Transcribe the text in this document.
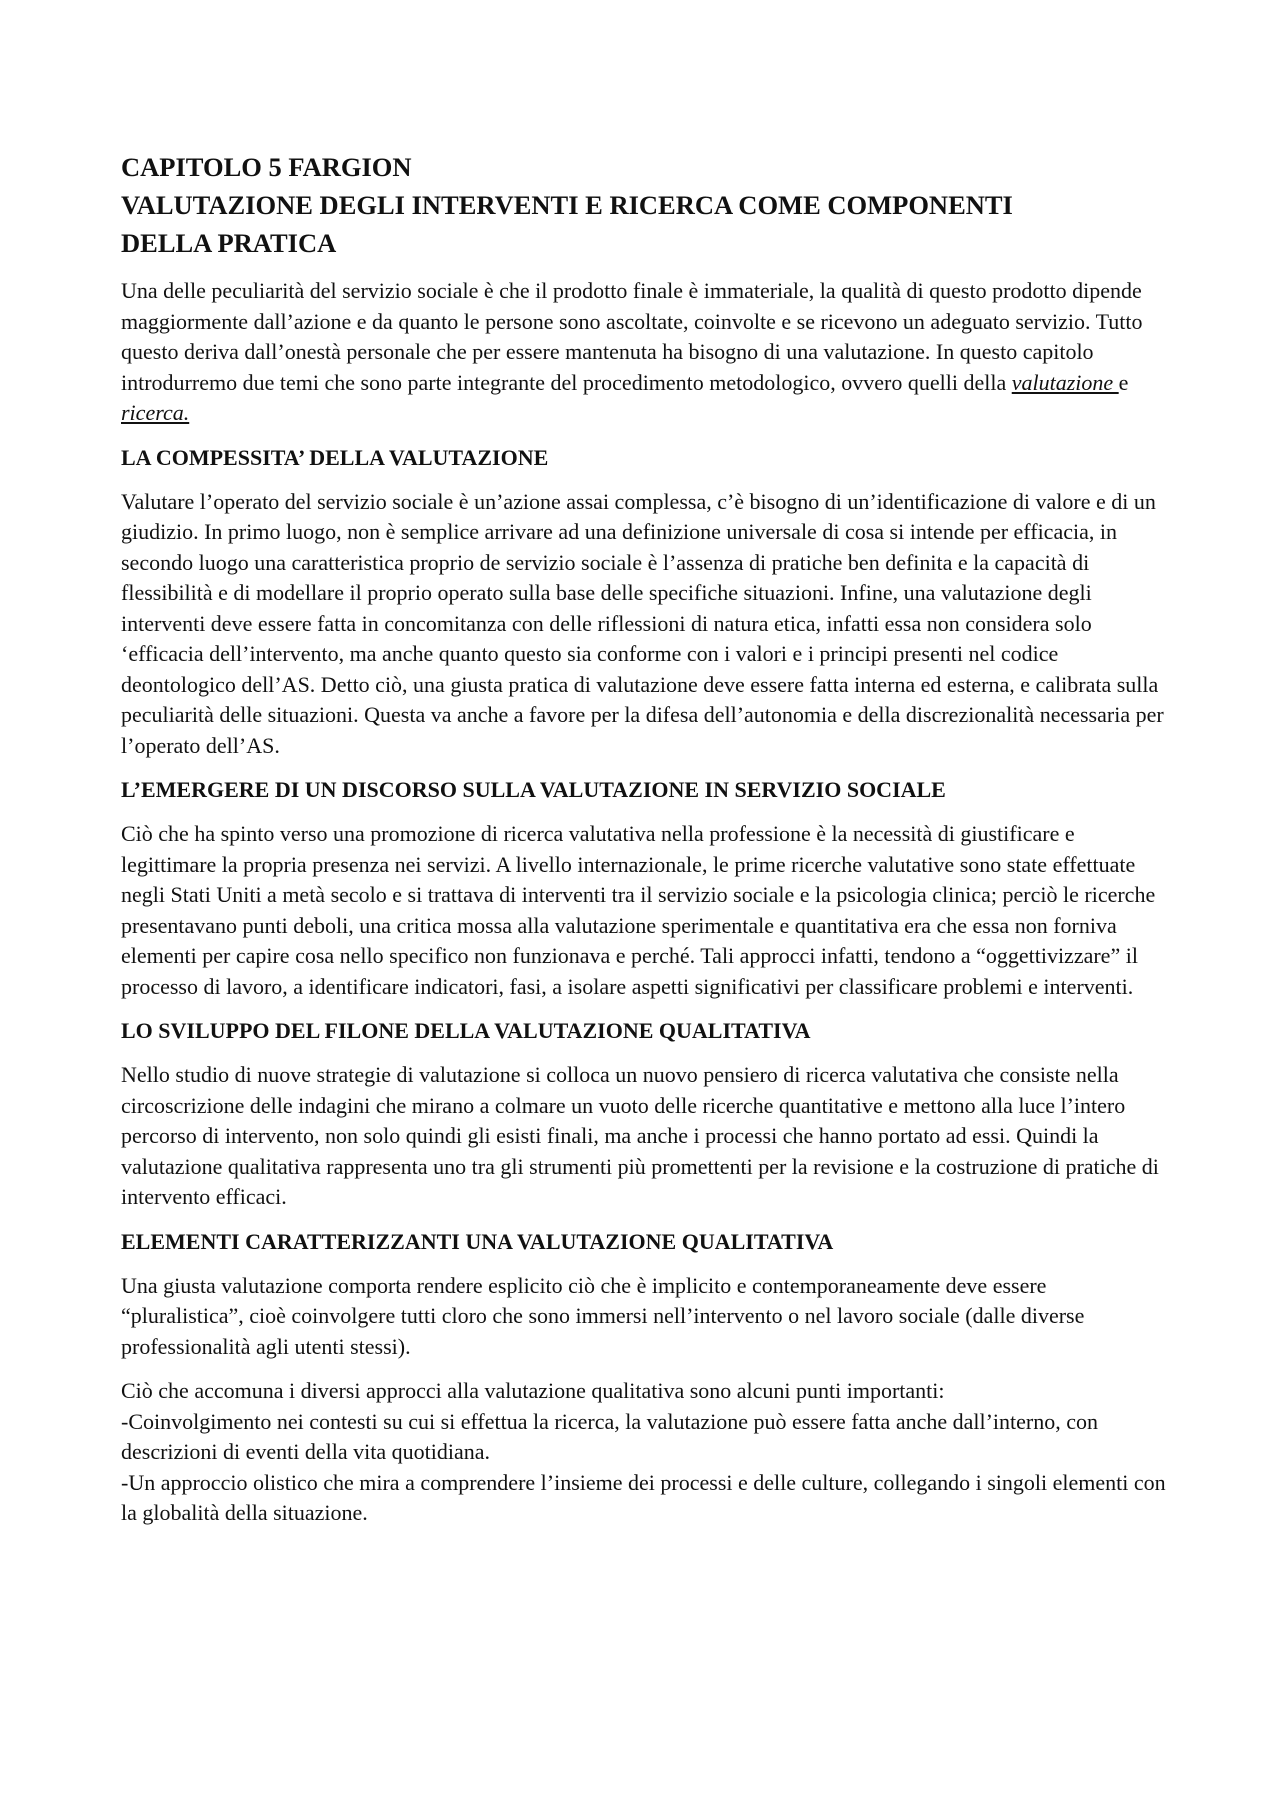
CAPITOLO 5 FARGION
VALUTAZIONE DEGLI INTERVENTI E RICERCA COME COMPONENTI
DELLA PRATICA

Una delle peculiarità del servizio sociale è che il prodotto finale è immateriale, la qualità di questo prodotto dipende maggiormente dall’azione e da quanto le persone sono ascoltate, coinvolte e se ricevono un adeguato servizio. Tutto questo deriva dall’onestà personale che per essere mantenuta ha bisogno di una valutazione. In questo capitolo introdurremo due temi che sono parte integrante del procedimento metodologico, ovvero quelli della valutazione e ricerca.

LA COMPESSITA’ DELLA VALUTAZIONE

Valutare l’operato del servizio sociale è un’azione assai complessa, c’è bisogno di un’identificazione di valore e di un giudizio. In primo luogo, non è semplice arrivare ad una definizione universale di cosa si intende per efficacia, in secondo luogo una caratteristica proprio de servizio sociale è l’assenza di pratiche ben definita e la capacità di flessibilità e di modellare il proprio operato sulla base delle specifiche situazioni. Infine, una valutazione degli interventi deve essere fatta in concomitanza con delle riflessioni di natura etica, infatti essa non considera solo ‘efficacia dell’intervento, ma anche quanto questo sia conforme con i valori e i principi presenti nel codice deontologico dell’AS. Detto ciò, una giusta pratica di valutazione deve essere fatta interna ed esterna, e calibrata sulla peculiarità delle situazioni. Questa va anche a favore per la difesa dell’autonomia e della discrezionalità necessaria per l’operato dell’AS.

L’EMERGERE DI UN DISCORSO SULLA VALUTAZIONE IN SERVIZIO SOCIALE

Ciò che ha spinto verso una promozione di ricerca valutativa nella professione è la necessità di giustificare e legittimare la propria presenza nei servizi. A livello internazionale, le prime ricerche valutative sono state effettuate negli Stati Uniti a metà secolo e si trattava di interventi tra il servizio sociale e la psicologia clinica; perciò le ricerche presentavano punti deboli, una critica mossa alla valutazione sperimentale e quantitativa era che essa non forniva elementi per capire cosa nello specifico non funzionava e perché. Tali approcci infatti, tendono a “oggettivizzare” il processo di lavoro, a identificare indicatori, fasi, a isolare aspetti significativi per classificare problemi e interventi.

LO SVILUPPO DEL FILONE DELLA VALUTAZIONE QUALITATIVA

Nello studio di nuove strategie di valutazione si colloca un nuovo pensiero di ricerca valutativa che consiste nella circoscrizione delle indagini che mirano a colmare un vuoto delle ricerche quantitative e mettono alla luce l’intero percorso di intervento, non solo quindi gli esisti finali, ma anche i processi che hanno portato ad essi. Quindi la valutazione qualitativa rappresenta uno tra gli strumenti più promettenti per la revisione e la costruzione di pratiche di intervento efficaci.

ELEMENTI CARATTERIZZANTI UNA VALUTAZIONE QUALITATIVA

Una giusta valutazione comporta rendere esplicito ciò che è implicito e contemporaneamente deve essere “pluralistica”, cioè coinvolgere tutti cloro che sono immersi nell’intervento o nel lavoro sociale (dalle diverse professionalità agli utenti stessi).

Ciò che accomuna i diversi approcci alla valutazione qualitativa sono alcuni punti importanti:
-Coinvolgimento nei contesti su cui si effettua la ricerca, la valutazione può essere fatta anche dall’interno, con descrizioni di eventi della vita quotidiana.
-Un approccio olistico che mira a comprendere l’insieme dei processi e delle culture, collegando i singoli elementi con la globalità della situazione.
